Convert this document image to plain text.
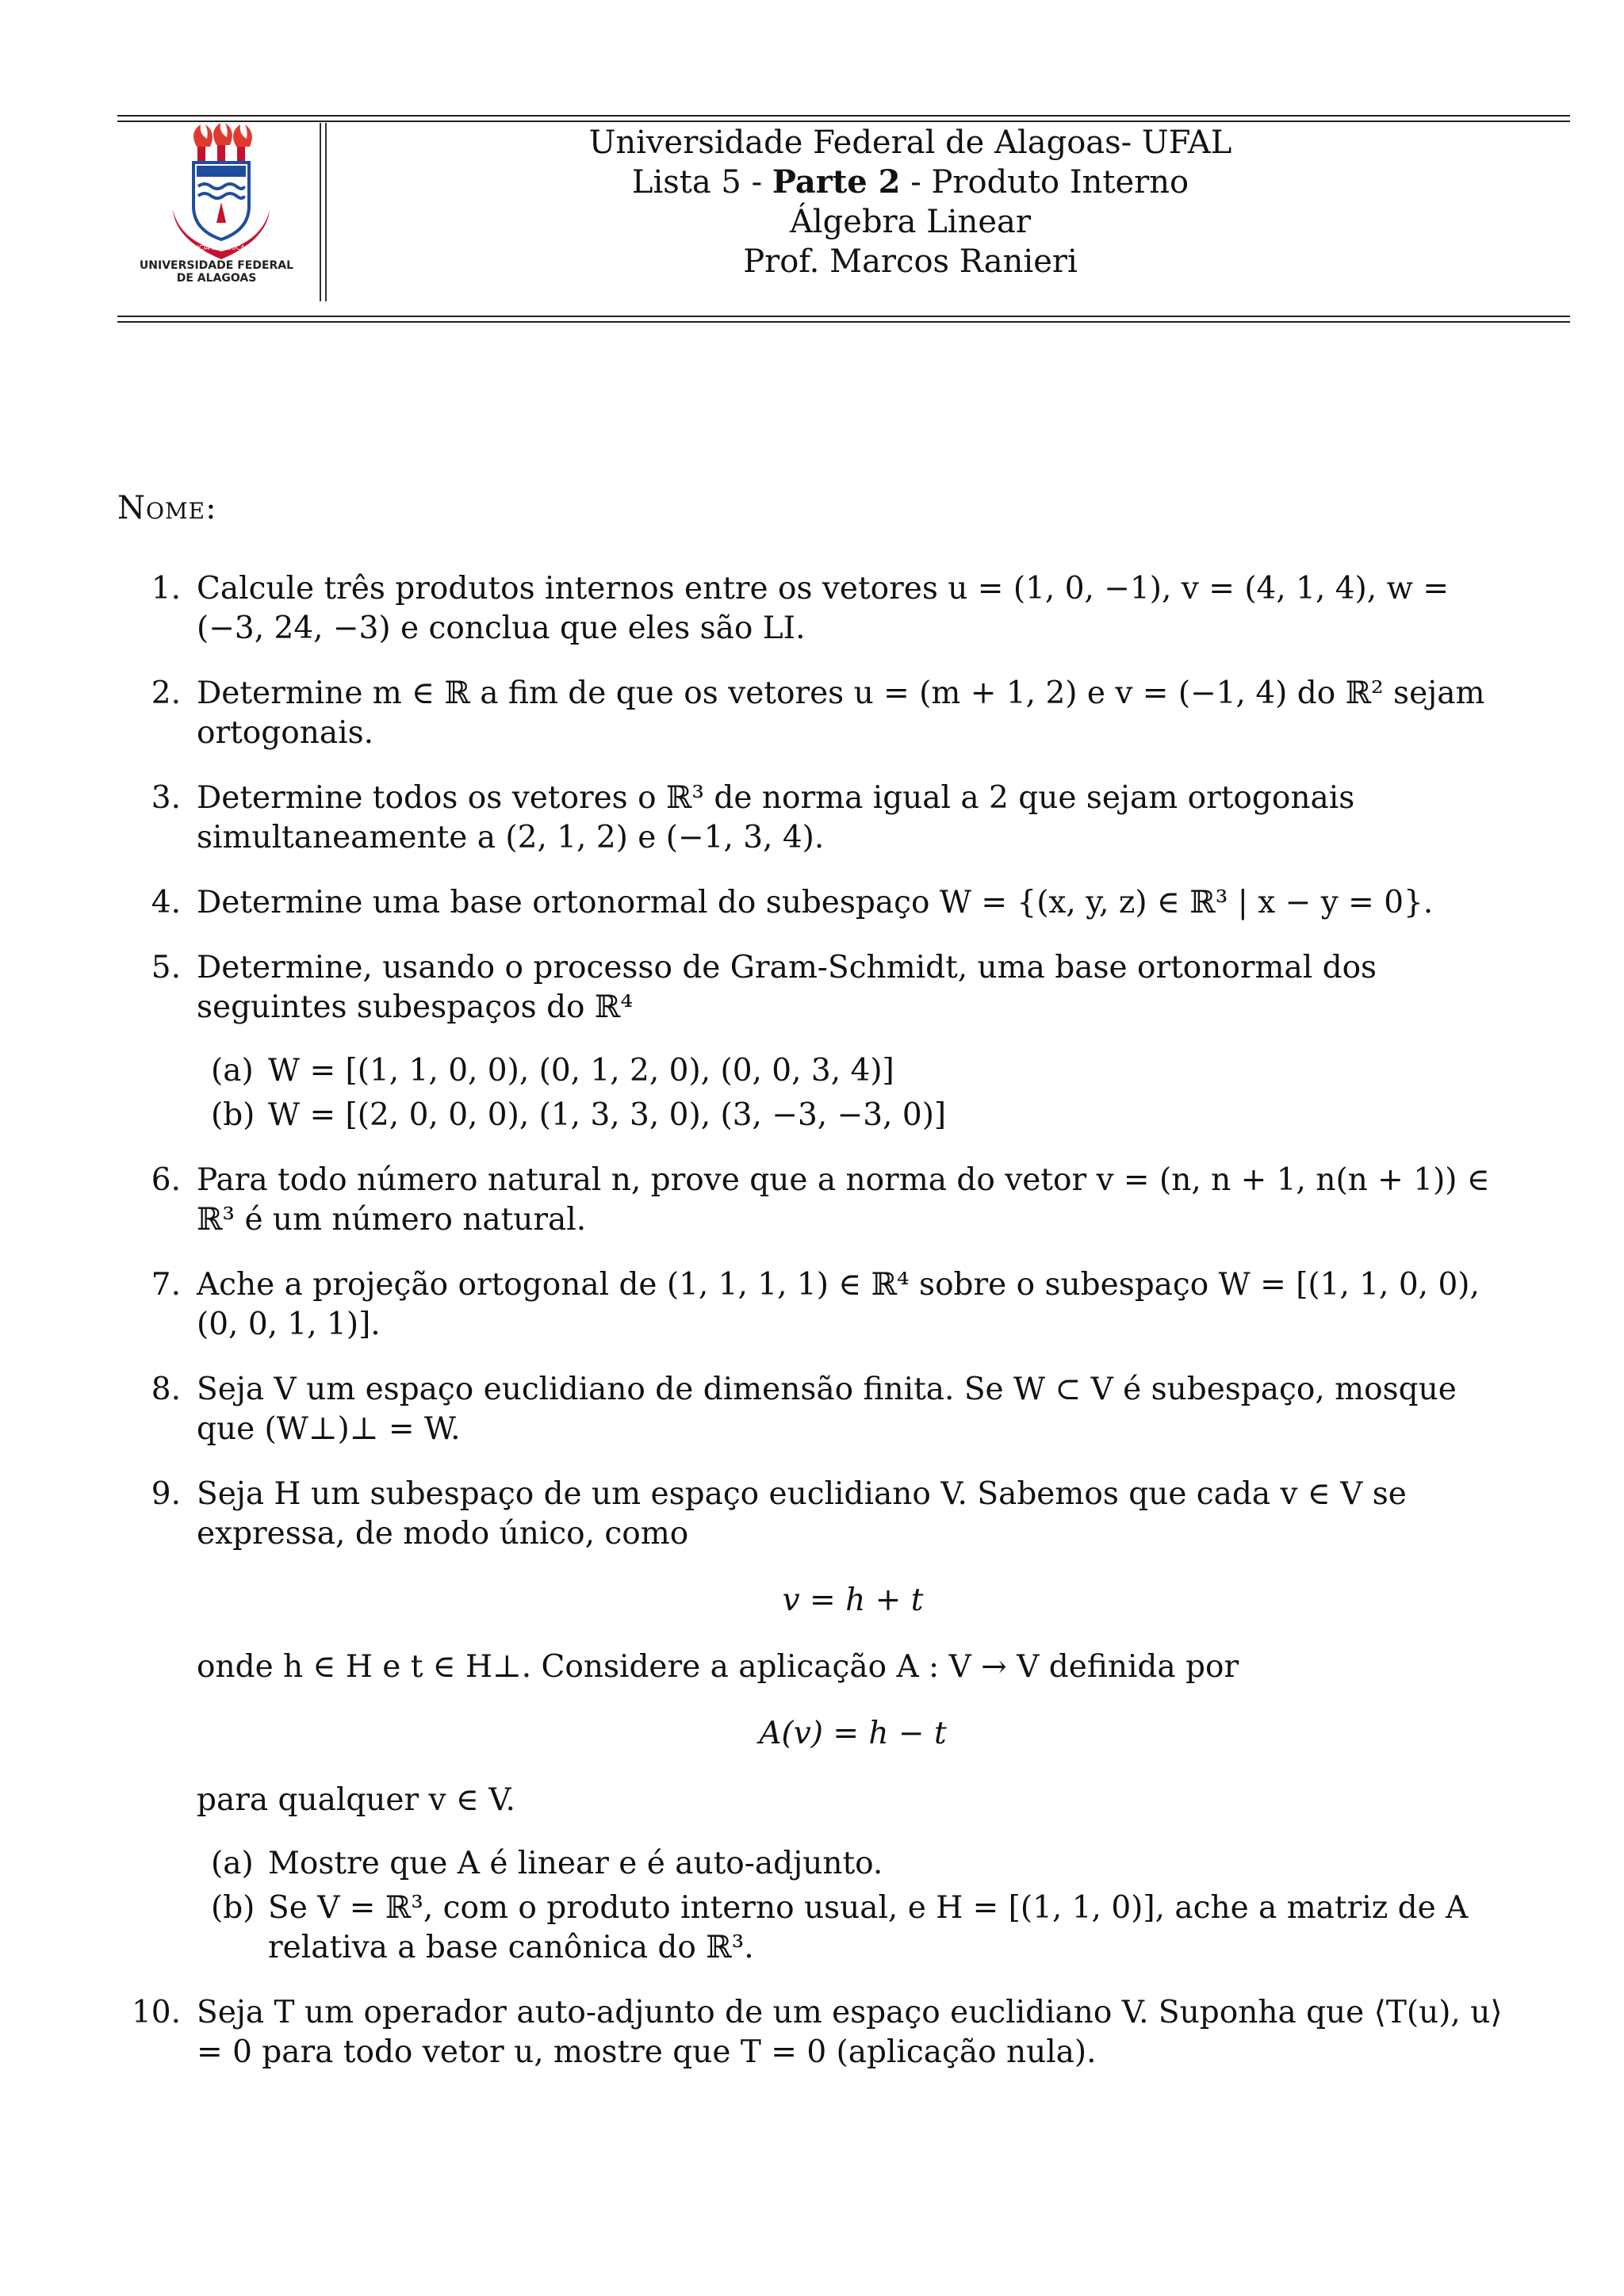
CIÊNCIA DE EDUCAÇÃO
UNIVERSIDADE FEDERAL
DE ALAGOAS
Universidade Federal de Alagoas- UFAL
Lista 5 - Parte 2 - Produto Interno
Álgebra Linear
Prof. Marcos Ranieri
Nome:
1. Calcule três produtos internos entre os vetores u = (1, 0, −1), v = (4, 1, 4), w = (−3, 24, −3) e conclua que eles são LI.
2. Determine m ∈ ℝ a fim de que os vetores u = (m + 1, 2) e v = (−1, 4) do ℝ² sejam ortogonais.
3. Determine todos os vetores o ℝ³ de norma igual a 2 que sejam ortogonais simultaneamente a (2, 1, 2) e (−1, 3, 4).
4. Determine uma base ortonormal do subespaço W = {(x, y, z) ∈ ℝ³ | x − y = 0}.
5. Determine, usando o processo de Gram-Schmidt, uma base ortonormal dos seguintes subespaços do ℝ⁴
(a) W = [(1, 1, 0, 0), (0, 1, 2, 0), (0, 0, 3, 4)]
(b) W = [(2, 0, 0, 0), (1, 3, 3, 0), (3, −3, −3, 0)]
6. Para todo número natural n, prove que a norma do vetor v = (n, n + 1, n(n + 1)) ∈ ℝ³ é um número natural.
7. Ache a projeção ortogonal de (1, 1, 1, 1) ∈ ℝ⁴ sobre o subespaço W = [(1, 1, 0, 0), (0, 0, 1, 1)].
8. Seja V um espaço euclidiano de dimensão finita. Se W ⊂ V é subespaço, mosque que (W⊥)⊥ = W.
9. Seja H um subespaço de um espaço euclidiano V. Sabemos que cada v ∈ V se expressa, de modo único, como
v = h + t
onde h ∈ H e t ∈ H⊥. Considere a aplicação A : V → V definida por
A(v) = h − t
para qualquer v ∈ V.
(a) Mostre que A é linear e é auto-adjunto.
(b) Se V = ℝ³, com o produto interno usual, e H = [(1, 1, 0)], ache a matriz de A relativa a base canônica do ℝ³.
10. Seja T um operador auto-adjunto de um espaço euclidiano V. Suponha que ⟨T(u), u⟩ = 0 para todo vetor u, mostre que T = 0 (aplicação nula).
